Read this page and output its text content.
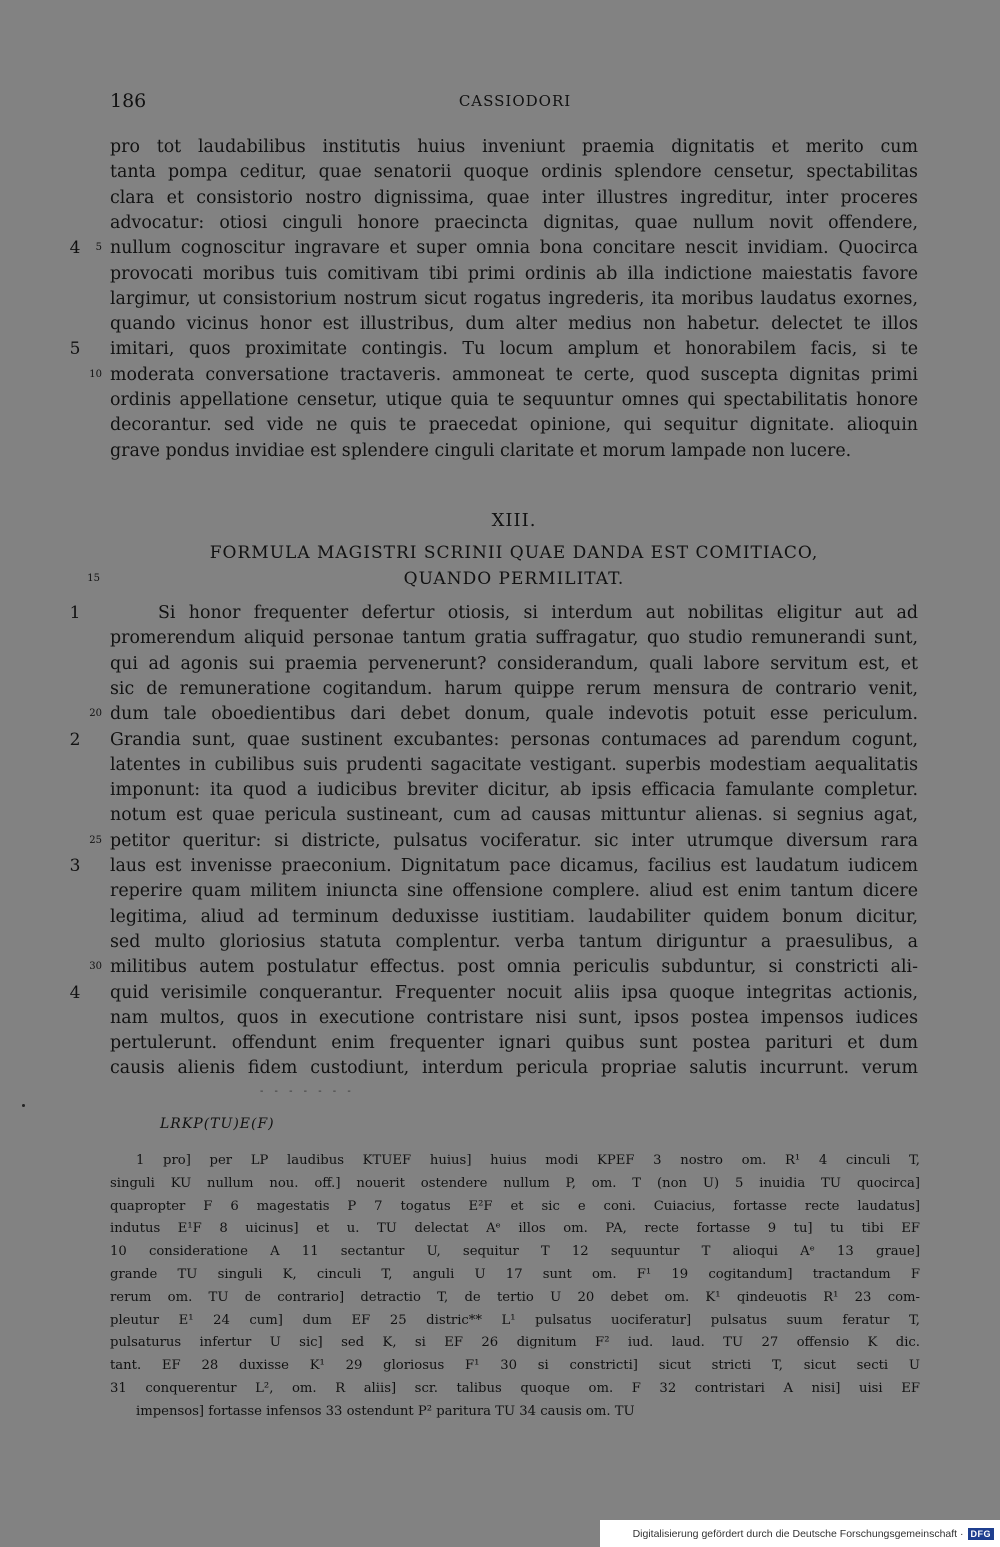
186	CASSIODORI
pro tot laudabilibus institutis huius inveniunt praemia dignitatis et merito cum
tanta pompa ceditur, quae senatorii quoque ordinis splendore censetur, spectabilitas
clara et consistorio nostro dignissima, quae inter illustres ingreditur, inter proceres
advocatur: otiosi cinguli honore praecincta dignitas, quae nullum novit offendere,
nullum cognoscitur ingravare et super omnia bona concitare nescit invidiam. Quocirca
provocati moribus tuis comitivam tibi primi ordinis ab illa indictione maiestatis favore
largimur, ut consistorium nostrum sicut rogatus ingrederis, ita moribus laudatus exornes,
quando vicinus honor est illustribus, dum alter medius non habetur. delectet te illos
imitari, quos proximitate contingis. Tu locum amplum et honorabilem facis, si te
moderata conversatione tractaveris. ammoneat te certe, quod suscepta dignitas primi
ordinis appellatione censetur, utique quia te sequuntur omnes qui spectabilitatis honore
decorantur. sed vide ne quis te praecedat opinione, qui sequitur dignitate. alioquin
grave pondus invidiae est splendere cinguli claritate et morum lampade non lucere.
4	5
5
10
XIII.
FORMULA MAGISTRI SCRINII QUAE DANDA EST COMITIACO,
QUANDO PERMILITAT.
15
Si honor frequenter defertur otiosis, si interdum aut nobilitas eligitur aut ad
promerendum aliquid personae tantum gratia suffragatur, quo studio remunerandi sunt,
qui ad agonis sui praemia pervenerunt? considerandum, quali labore servitum est, et
sic de remuneratione cogitandum. harum quippe rerum mensura de contrario venit,
dum tale oboedientibus dari debet donum, quale indevotis potuit esse periculum.
Grandia sunt, quae sustinent excubantes: personas contumaces ad parendum cogunt,
latentes in cubilibus suis prudenti sagacitate vestigant. superbis modestiam aequalitatis
imponunt: ita quod a iudicibus breviter dicitur, ab ipsis efficacia famulante completur.
notum est quae pericula sustineant, cum ad causas mittuntur alienas. si segnius agat,
petitor queritur: si districte, pulsatus vociferatur. sic inter utrumque diversum rara
laus est invenisse praeconium. Dignitatum pace dicamus, facilius est laudatum iudicem
reperire quam militem iniuncta sine offensione complere. aliud est enim tantum dicere
legitima, aliud ad terminum deduxisse iustitiam. laudabiliter quidem bonum dicitur,
sed multo gloriosius statuta complentur. verba tantum diriguntur a praesulibus, a
militibus autem postulatur effectus. post omnia periculis subduntur, si constricti ali-
quid verisimile conquerantur. Frequenter nocuit aliis ipsa quoque integritas actionis,
nam multos, quos in executione contristare nisi sunt, ipsos postea impensos iudices
pertulerunt. offendunt enim frequenter ignari quibus sunt postea parituri et dum
causis alienis fidem custodiunt, interdum pericula propriae salutis incurrunt. verum
1
20
2
25
3
30
4
- - - - - - -
LRKP(TU)E(F)
1 pro] per LP laudibus KTUEF huius] huius modi KPEF 3 nostro om. R¹ 4 cinculi T,
singuli KU nullum nou. off.] nouerit ostendere nullum P, om. T (non U) 5 inuidia TU quocirca]
quapropter F 6 magestatis P 7 togatus E²F et sic e coni. Cuiacius, fortasse recte laudatus]
indutus E¹F 8 uicinus] et u. TU delectat Aᵉ illos om. PA, recte fortasse 9 tu] tu tibi EF
10 consideratione A 11 sectantur U, sequitur T 12 sequuntur T alioqui Aᵉ 13 graue]
grande TU singuli K, cinculi T, anguli U 17 sunt om. F¹ 19 cogitandum] tractandum F
rerum om. TU de contrario] detractio T, de tertio U 20 debet om. K¹ qindeuotis R¹ 23 com-
pleutur E¹ 24 cum] dum EF 25 distric** L¹ pulsatus uociferatur] pulsatus suum feratur T,
pulsaturus infertur U sic] sed K, si EF 26 dignitum F² iud. laud. TU 27 offensio K dic.
tant. EF 28 duxisse K¹ 29 gloriosus F¹ 30 si constricti] sicut stricti T, sicut secti U
31 conquerentur L², om. R aliis] scr. talibus quoque om. F 32 contristari A nisi] uisi EF
impensos] fortasse infensos 33 ostendunt P² paritura TU 34 causis om. TU
Digitalisierung gefördert durch die Deutsche Forschungsgemeinschaft · DFG
